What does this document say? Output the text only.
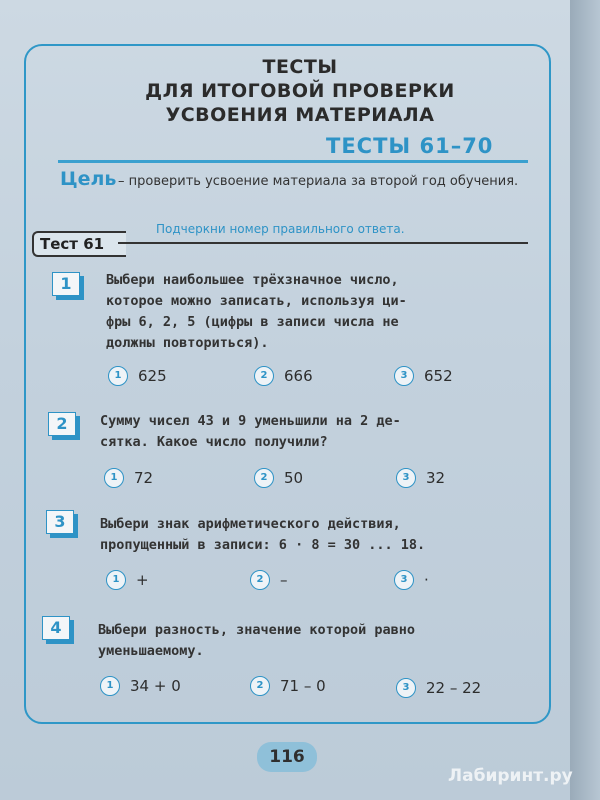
ТЕСТЫ
ДЛЯ ИТОГОВОЙ ПРОВЕРКИ
УСВОЕНИЯ МАТЕРИАЛА
ТЕСТЫ 61–70
Цель – проверить усвоение материала за второй год обучения.
Тест 61
Подчеркни номер правильного ответа.
1	Выбери наибольшее трёхзначное число,
которое можно записать, используя ци-
фры 6, 2, 5 (цифры в записи числа не
должны повториться).
1	625	2	666	3	652
2	Сумму чисел 43 и 9 уменьшили на 2 де-
сятка. Какое число получили?
1	72	2	50	3	32
3	Выбери знак арифметического действия,
пропущенный в записи: 6 · 8 = 30 ... 18.
1	+	2	–	3	·
4	Выбери разность, значение которой равно
уменьшаемому.
1	34 + 0	2	71 – 0	3	22 – 22
116
Лабиринт.ру
